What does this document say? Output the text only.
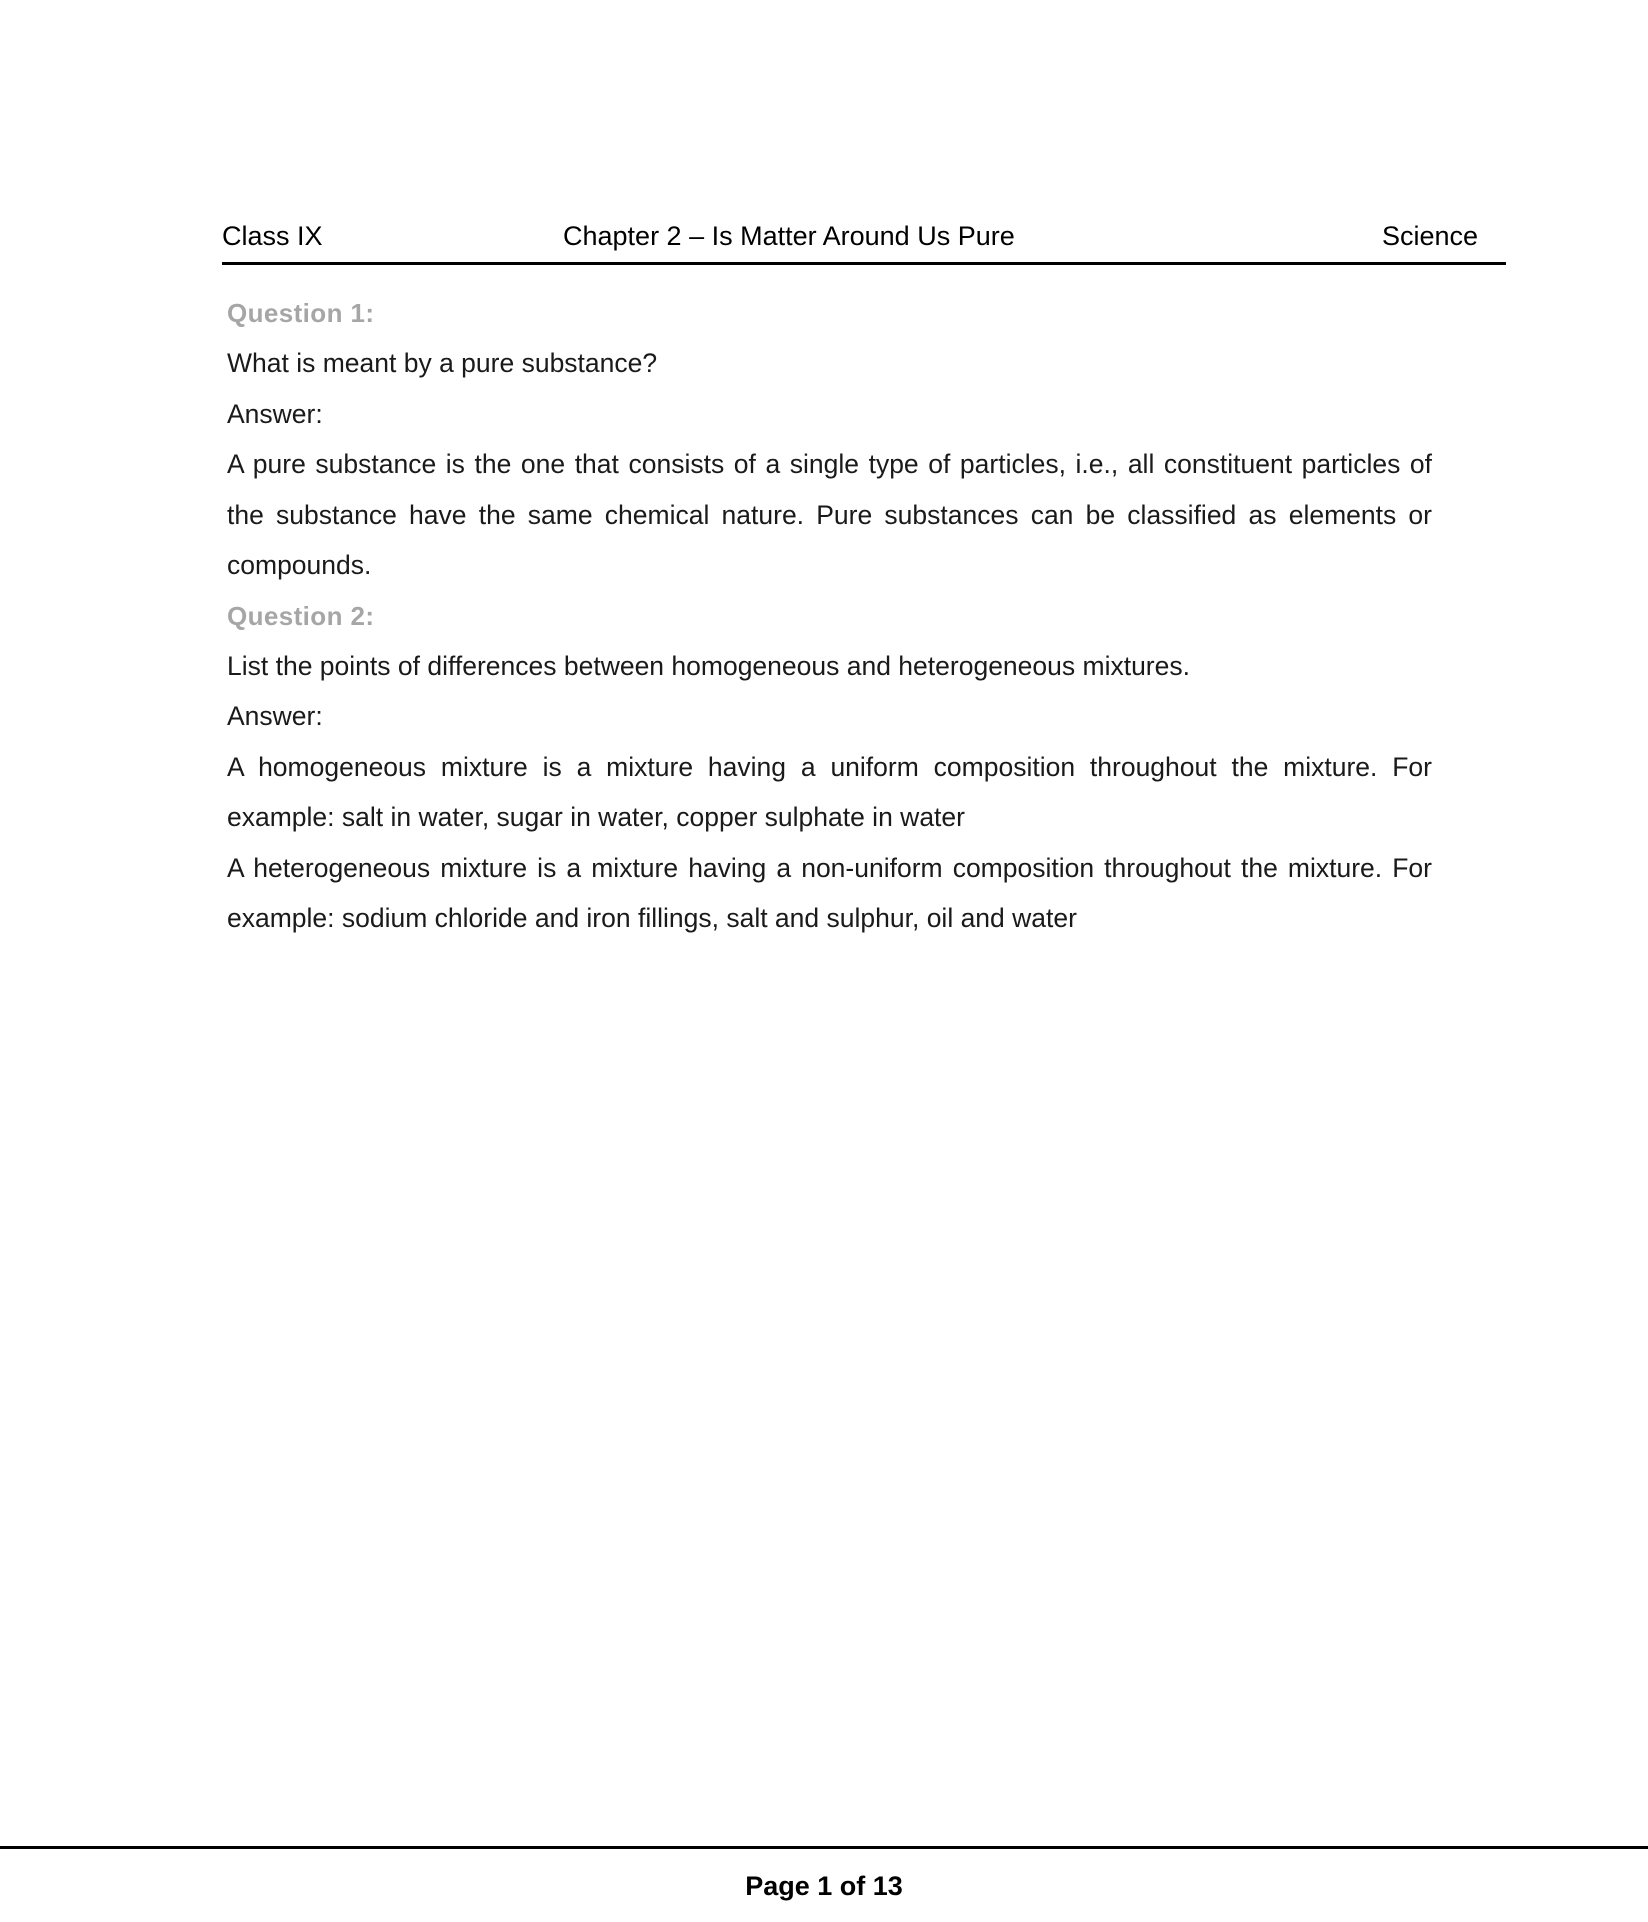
Class IX	Chapter 2 – Is Matter Around Us Pure	Science

Question 1:

What is meant by a pure substance?

Answer:

A pure substance is the one that consists of a single type of particles, i.e., all constituent particles of the substance have the same chemical nature. Pure substances can be classified as elements or compounds.

Question 2:

List the points of differences between homogeneous and heterogeneous mixtures.

Answer:

A homogeneous mixture is a mixture having a uniform composition throughout the mixture. For example: salt in water, sugar in water, copper sulphate in water

A heterogeneous mixture is a mixture having a non-uniform composition throughout the mixture. For example: sodium chloride and iron fillings, salt and sulphur, oil and water

Page 1 of 13
